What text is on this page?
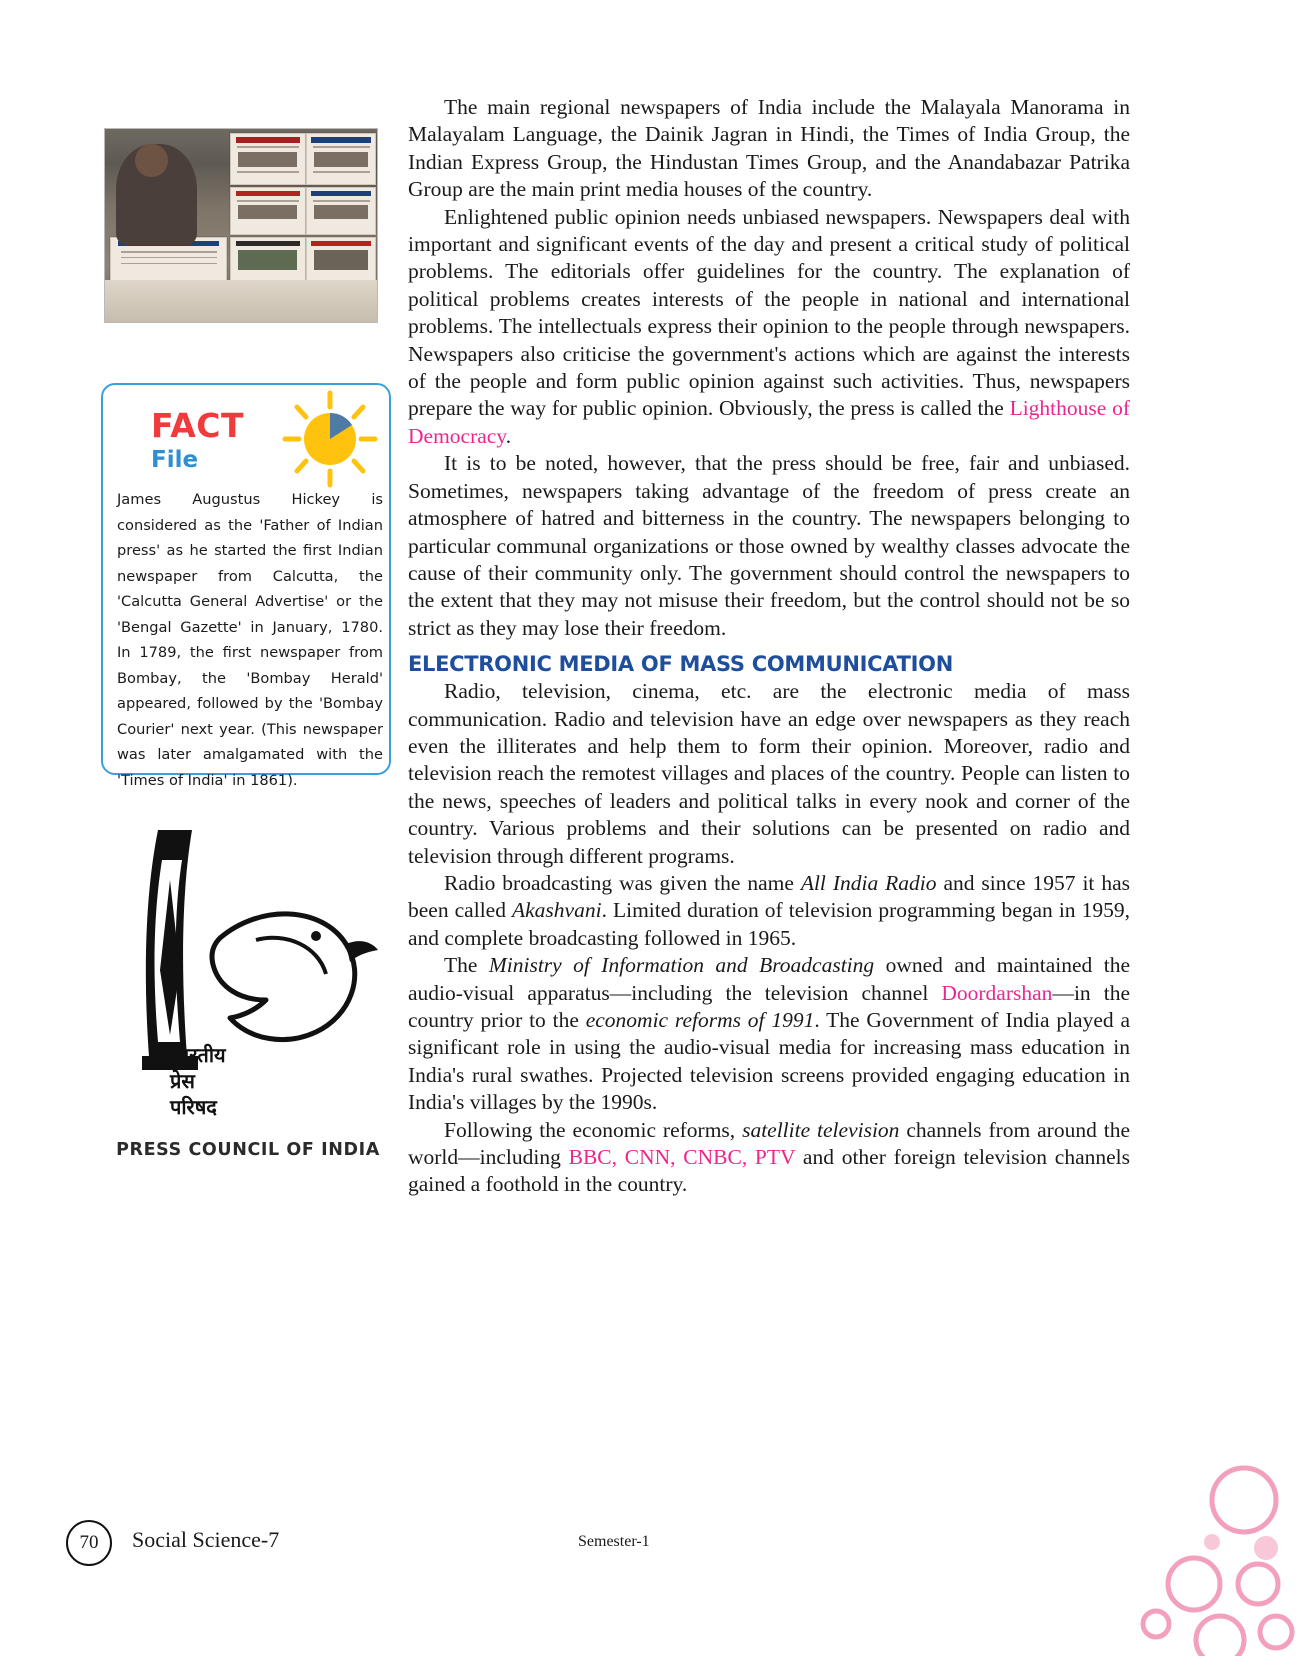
FACT
File
James Augustus Hickey is considered as the 'Father of Indian press' as he started the first Indian newspaper from Calcutta, the 'Calcutta General Advertise' or the 'Bengal Gazette' in January, 1780. In 1789, the first newspaper from Bombay, the 'Bombay Herald' appeared, followed by the 'Bombay Courier' next year. (This newspaper was later amalgamated with the 'Times of India' in 1861).
भारतीय
प्रेस
परिषद
PRESS COUNCIL OF INDIA

The main regional newspapers of India include the Malayala Manorama in Malayalam Language, the Dainik Jagran in Hindi, the Times of India Group, the Indian Express Group, the Hindustan Times Group, and the Anandabazar Patrika Group are the main print media houses of the country.

Enlightened public opinion needs unbiased newspapers. Newspapers deal with important and significant events of the day and present a critical study of political problems. The editorials offer guidelines for the country. The explanation of political problems creates interests of the people in national and international problems. The intellectuals express their opinion to the people through newspapers. Newspapers also criticise the government's actions which are against the interests of the people and form public opinion against such activities. Thus, newspapers prepare the way for public opinion. Obviously, the press is called the Lighthouse of Democracy.

It is to be noted, however, that the press should be free, fair and unbiased. Sometimes, newspapers taking advantage of the freedom of press create an atmosphere of hatred and bitterness in the country. The newspapers belonging to particular communal organizations or those owned by wealthy classes advocate the cause of their community only. The government should control the newspapers to the extent that they may not misuse their freedom, but the control should not be so strict as they may lose their freedom.

ELECTRONIC MEDIA OF MASS COMMUNICATION

Radio, television, cinema, etc. are the electronic media of mass communication. Radio and television have an edge over newspapers as they reach even the illiterates and help them to form their opinion. Moreover, radio and television reach the remotest villages and places of the country. People can listen to the news, speeches of leaders and political talks in every nook and corner of the country. Various problems and their solutions can be presented on radio and television through different programs.

Radio broadcasting was given the name All India Radio and since 1957 it has been called Akashvani. Limited duration of television programming began in 1959, and complete broadcasting followed in 1965.

The Ministry of Information and Broadcasting owned and maintained the audio-visual apparatus—including the television channel Doordarshan—in the country prior to the economic reforms of 1991. The Government of India played a significant role in using the audio-visual media for increasing mass education in India's rural swathes. Projected television screens provided engaging education in India's villages by the 1990s.

Following the economic reforms, satellite television channels from around the world—including BBC, CNN, CNBC, PTV and other foreign television channels gained a foothold in the country.

70	Social Science-7	Semester-1
